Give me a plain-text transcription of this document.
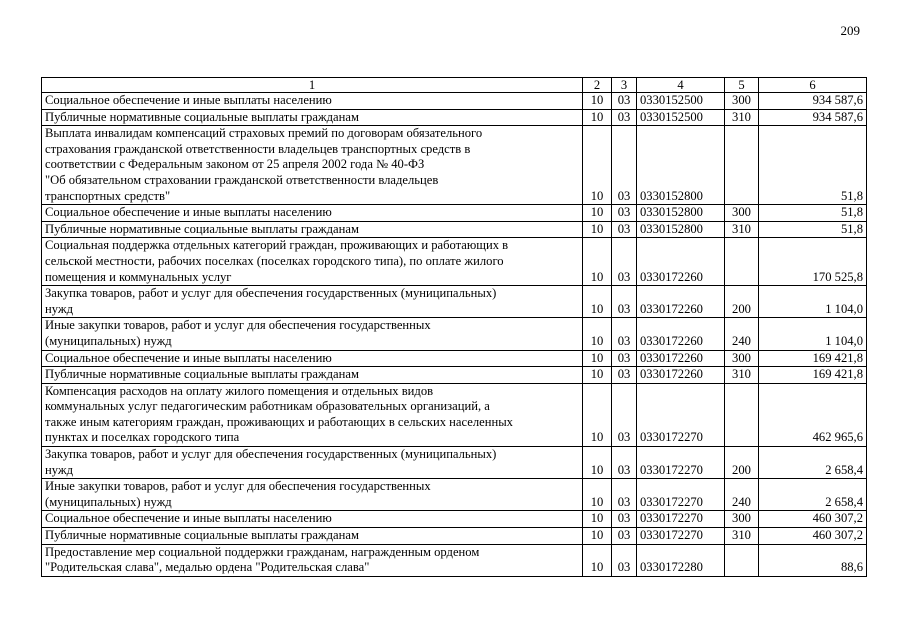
209
1	2	3	4	5	6

Социальное обеспечение и иные выплаты населению	10	03	0330152500	300	934 587,6

Публичные нормативные социальные выплаты гражданам	10	03	0330152500	310	934 587,6

Выплата инвалидам компенсаций страховых премий по договорам обязательного
страхования гражданской ответственности владельцев транспортных средств в
соответствии с Федеральным законом от 25 апреля 2002 года № 40-ФЗ
"Об обязательном страховании гражданской ответственности владельцев
транспортных средств"	10	03	0330152800		51,8

Социальное обеспечение и иные выплаты населению	10	03	0330152800	300	51,8

Публичные нормативные социальные выплаты гражданам	10	03	0330152800	310	51,8

Социальная поддержка отдельных категорий граждан, проживающих и работающих в
сельской местности, рабочих поселках (поселках городского типа), по оплате жилого
помещения и коммунальных услуг	10	03	0330172260		170 525,8

Закупка товаров, работ и услуг для обеспечения государственных (муниципальных)
нужд	10	03	0330172260	200	1 104,0

Иные закупки товаров, работ и услуг для обеспечения государственных
(муниципальных) нужд	10	03	0330172260	240	1 104,0

Социальное обеспечение и иные выплаты населению	10	03	0330172260	300	169 421,8

Публичные нормативные социальные выплаты гражданам	10	03	0330172260	310	169 421,8

Компенсация расходов на оплату жилого помещения и отдельных видов
коммунальных услуг педагогическим работникам образовательных организаций, а
также иным категориям граждан, проживающих и работающих в сельских населенных
пунктах и поселках городского типа	10	03	0330172270		462 965,6

Закупка товаров, работ и услуг для обеспечения государственных (муниципальных)
нужд	10	03	0330172270	200	2 658,4

Иные закупки товаров, работ и услуг для обеспечения государственных
(муниципальных) нужд	10	03	0330172270	240	2 658,4

Социальное обеспечение и иные выплаты населению	10	03	0330172270	300	460 307,2

Публичные нормативные социальные выплаты гражданам	10	03	0330172270	310	460 307,2

Предоставление мер социальной поддержки гражданам, награжденным орденом
"Родительская слава", медалью ордена "Родительская слава"	10	03	0330172280		88,6
